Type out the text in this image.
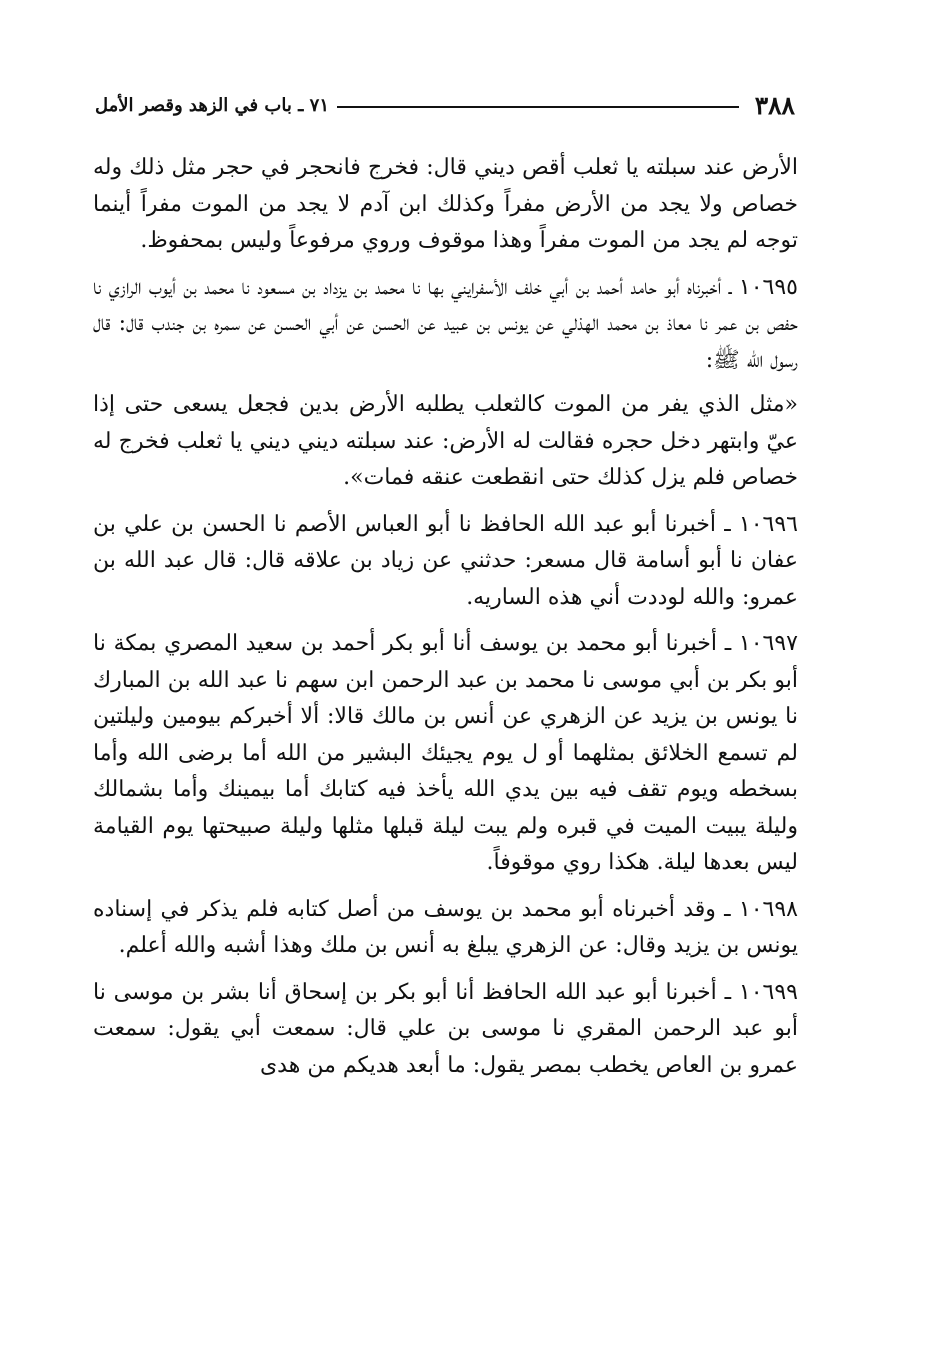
٣٨٨
٧١ ـ باب في الزهد وقصر الأمل

الأرض عند سبلته يا ثعلب أقص ديني قال: فخرج فانحجر في حجر مثل ذلك وله خصاص ولا يجد من الأرض مفراً وكذلك ابن آدم لا يجد من الموت مفراً أينما توجه لم يجد من الموت مفراً وهذا موقوف وروي مرفوعاً وليس بمحفوظ.

١٠٦٩٥ ـ أخبرناه أبو حامد أحمد بن أبي خلف الأسفرايني بها نا محمد بن يزداد بن مسعود نا محمد بن أيوب الرازي نا حفص بن عمر نا معاذ بن محمد الهذلي عن يونس بن عبيد عن الحسن عن أبي الحسن عن سمره بن جندب قال: قال رسول الله ﷺ:

«مثل الذي يفر من الموت كالثعلب يطلبه الأرض بدين فجعل يسعى حتى إذا عيّ وابتهر دخل حجره فقالت له الأرض: عند سبلته ديني ديني يا ثعلب فخرج له خصاص فلم يزل كذلك حتى انقطعت عنقه فمات».

١٠٦٩٦ ـ أخبرنا أبو عبد الله الحافظ نا أبو العباس الأصم نا الحسن بن علي بن عفان نا أبو أسامة قال مسعر: حدثني عن زياد بن علاقه قال: قال عبد الله بن عمرو: والله لوددت أني هذه الساريه.

١٠٦٩٧ ـ أخبرنا أبو محمد بن يوسف أنا أبو بكر أحمد بن سعيد المصري بمكة نا أبو بكر بن أبي موسى نا محمد بن عبد الرحمن ابن سهم نا عبد الله بن المبارك نا يونس بن يزيد عن الزهري عن أنس بن مالك قالا: ألا أخبركم بيومين وليلتين لم تسمع الخلائق بمثلهما أو ل يوم يجيئك البشير من الله أما برضى الله وأما بسخطه ويوم تقف فيه بين يدي الله يأخذ فيه كتابك أما بيمينك وأما بشمالك وليلة يبيت الميت في قبره ولم يبت ليلة قبلها مثلها وليلة صبيحتها يوم القيامة ليس بعدها ليلة. هكذا روي موقوفاً.

١٠٦٩٨ ـ وقد أخبرناه أبو محمد بن يوسف من أصل كتابه فلم يذكر في إسناده يونس بن يزيد وقال: عن الزهري يبلغ به أنس بن ملك وهذا أشبه والله أعلم.

١٠٦٩٩ ـ أخبرنا أبو عبد الله الحافظ أنا أبو بكر بن إسحاق أنا بشر بن موسى نا أبو عبد الرحمن المقري نا موسى بن علي قال: سمعت أبي يقول: سمعت عمرو بن العاص يخطب بمصر يقول: ما أبعد هديكم من هدى
